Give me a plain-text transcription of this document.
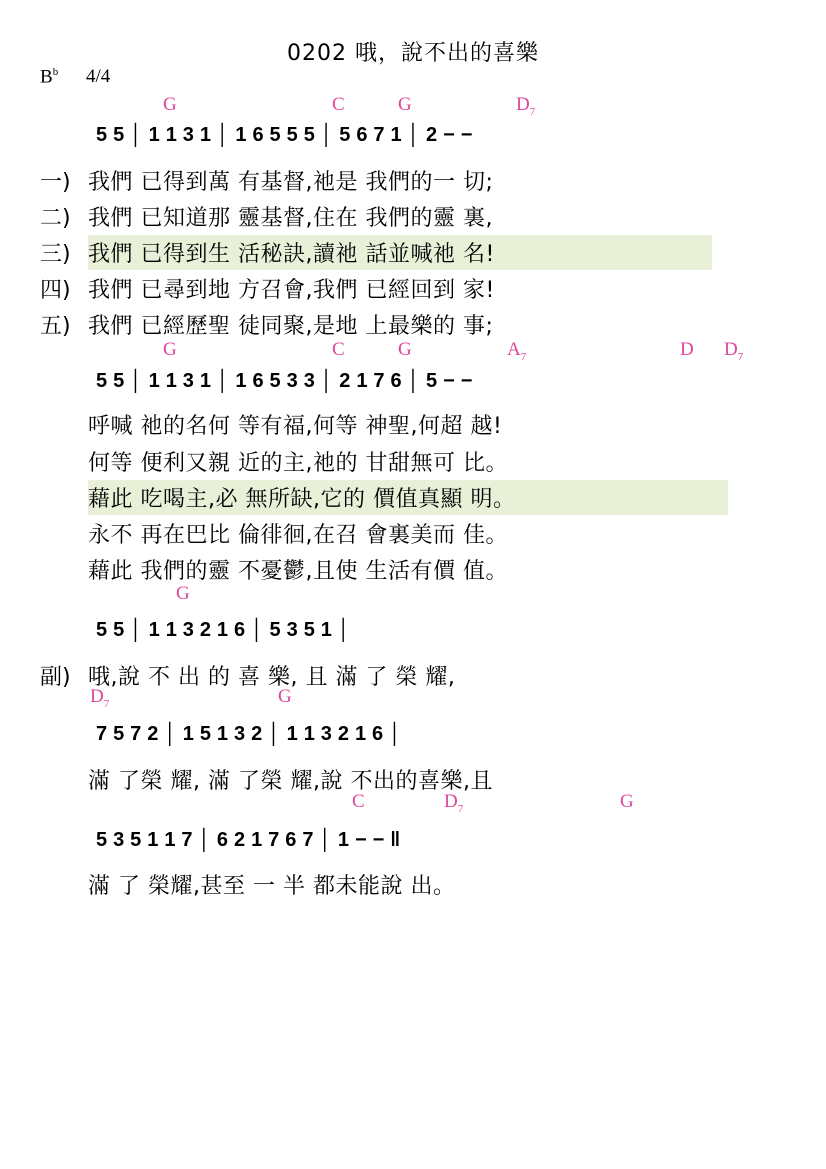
0202 哦，說不出的喜樂
$B^b$ 4/4
G	C	G	$D_7$
5 5 │ 1 1 3 1 │ 1 6 5 5 5 │ 5 6 7 1 │ 2 − −
一) 我們 已得到萬 有基督,祂是 我們的一 切;
二) 我們 已知道那 靈基督,住在 我們的靈 裏,
三) 我們 已得到生 活秘訣,讀祂 話並喊祂 名!
四) 我們 已尋到地 方召會,我們 已經回到 家!
五) 我們 已經歷聖 徒同聚,是地 上最樂的 事;
G	C	G	$A_7$	D $D_7$
5 5 │ 1 1 3 1 │ 1 6 5 3 3 │ 2 1 7 6 │ 5 − −
呼喊 祂的名何 等有福,何等 神聖,何超 越!
何等 便利又親 近的主,祂的 甘甜無可 比。
藉此 吃喝主,必 無所缺,它的 價值真顯 明。
永不 再在巴比 倫徘徊,在召 會裏美而 佳。
藉此 我們的靈 不憂鬱,且使 生活有價 值。
G
5 5 │ 1 1 3 2 1 6 │ 5 3 5 1 │
副) 哦,說 不 出 的 喜 樂, 且 滿 了 榮 耀,
$D_7$	G
7 5 7 2 │ 1 5 1 3 2 │ 1 1 3 2 1 6 │
滿 了榮 耀, 滿 了榮 耀,說 不出的喜樂,且
C	$D_7$	G
5 3 5 1 1 7 │ 6 2 1 7 6 7 │ 1 − − ‖
滿 了 榮耀,甚至 一 半 都未能說 出。
